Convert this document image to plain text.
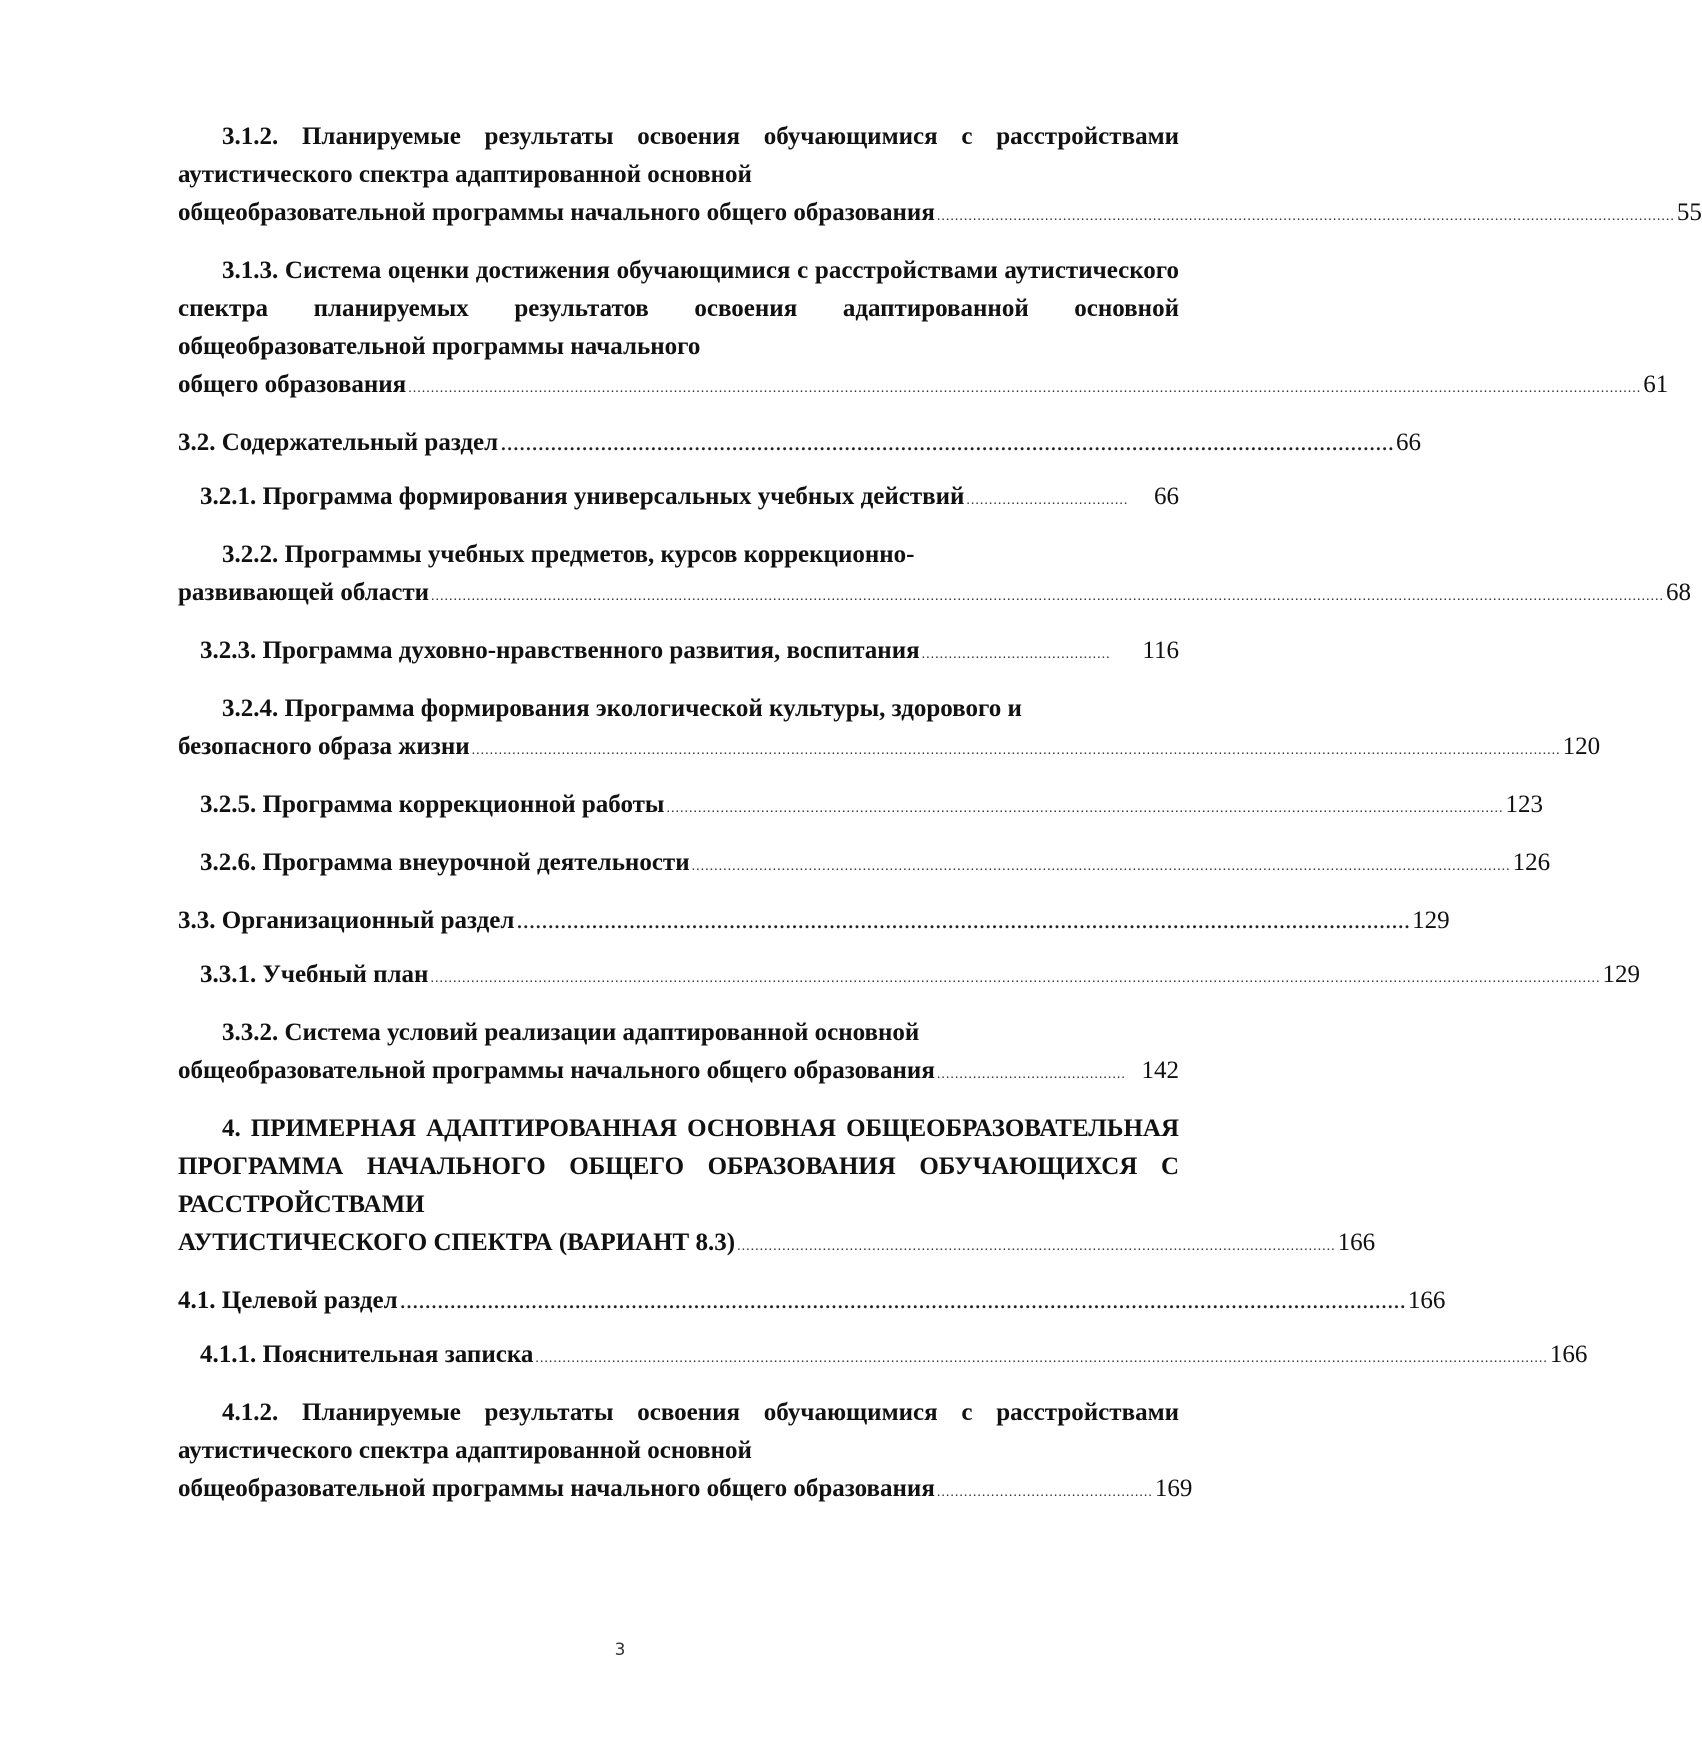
3.1.2. Планируемые результаты освоения обучающимися с расстройствами аутистического спектра адаптированной основной

общеобразовательной программы начального общего образования .................................................................................................................................................................... 55

3.1.3. Система оценки достижения обучающимися с расстройствами аутистического спектра планируемых результатов освоения адаптированной основной общеобразовательной программы начального

общего образования .................................................................................................................................................................................................................................................................................. 61
3.2. Содержательный раздел ............................................................................................................................................... 66
3.2.1. Программа формирования универсальных учебных действий ....................................	66

3.2.2. Программы учебных предметов, курсов коррекционно-

развивающей области .................................................................................................................................................................................................................................................................................. 68
3.2.3. Программа духовно-нравственного развития, воспитания ..........................................	116

3.2.4. Программа формирования экологической культуры, здорового и

безопасного образа жизни .................................................................................................................................................................................................................................................. 120
3.2.5. Программа коррекционной работы .......................................................................................................................................................................................... 123
3.2.6. Программа внеурочной деятельности ...................................................................................................................................................................................... 126
3.3. Организационный раздел ............................................................................................................................................... 129
3.3.1. Учебный план .................................................................................................................................................................................................................................................................... 129

3.3.2. Система условий реализации адаптированной основной

общеобразовательной программы начального общего образования .......................................... 142

4. ПРИМЕРНАЯ АДАПТИРОВАННАЯ ОСНОВНАЯ ОБЩЕОБРАЗОВАТЕЛЬНАЯ ПРОГРАММА НАЧАЛЬНОГО ОБЩЕГО ОБРАЗОВАНИЯ ОБУЧАЮЩИХСЯ С РАССТРОЙСТВАМИ

АУТИСТИЧЕСКОГО СПЕКТРА (ВАРИАНТ 8.3) ..................................................................................................................................... 166
4.1. Целевой раздел ................................................................................................................................................................. 166
4.1.1. Пояснительная записка ................................................................................................................................................................................................................................. 166

4.1.2. Планируемые результаты освоения обучающимися с расстройствами аутистического спектра адаптированной основной

общеобразовательной программы начального общего образования ................................................ 169
3
